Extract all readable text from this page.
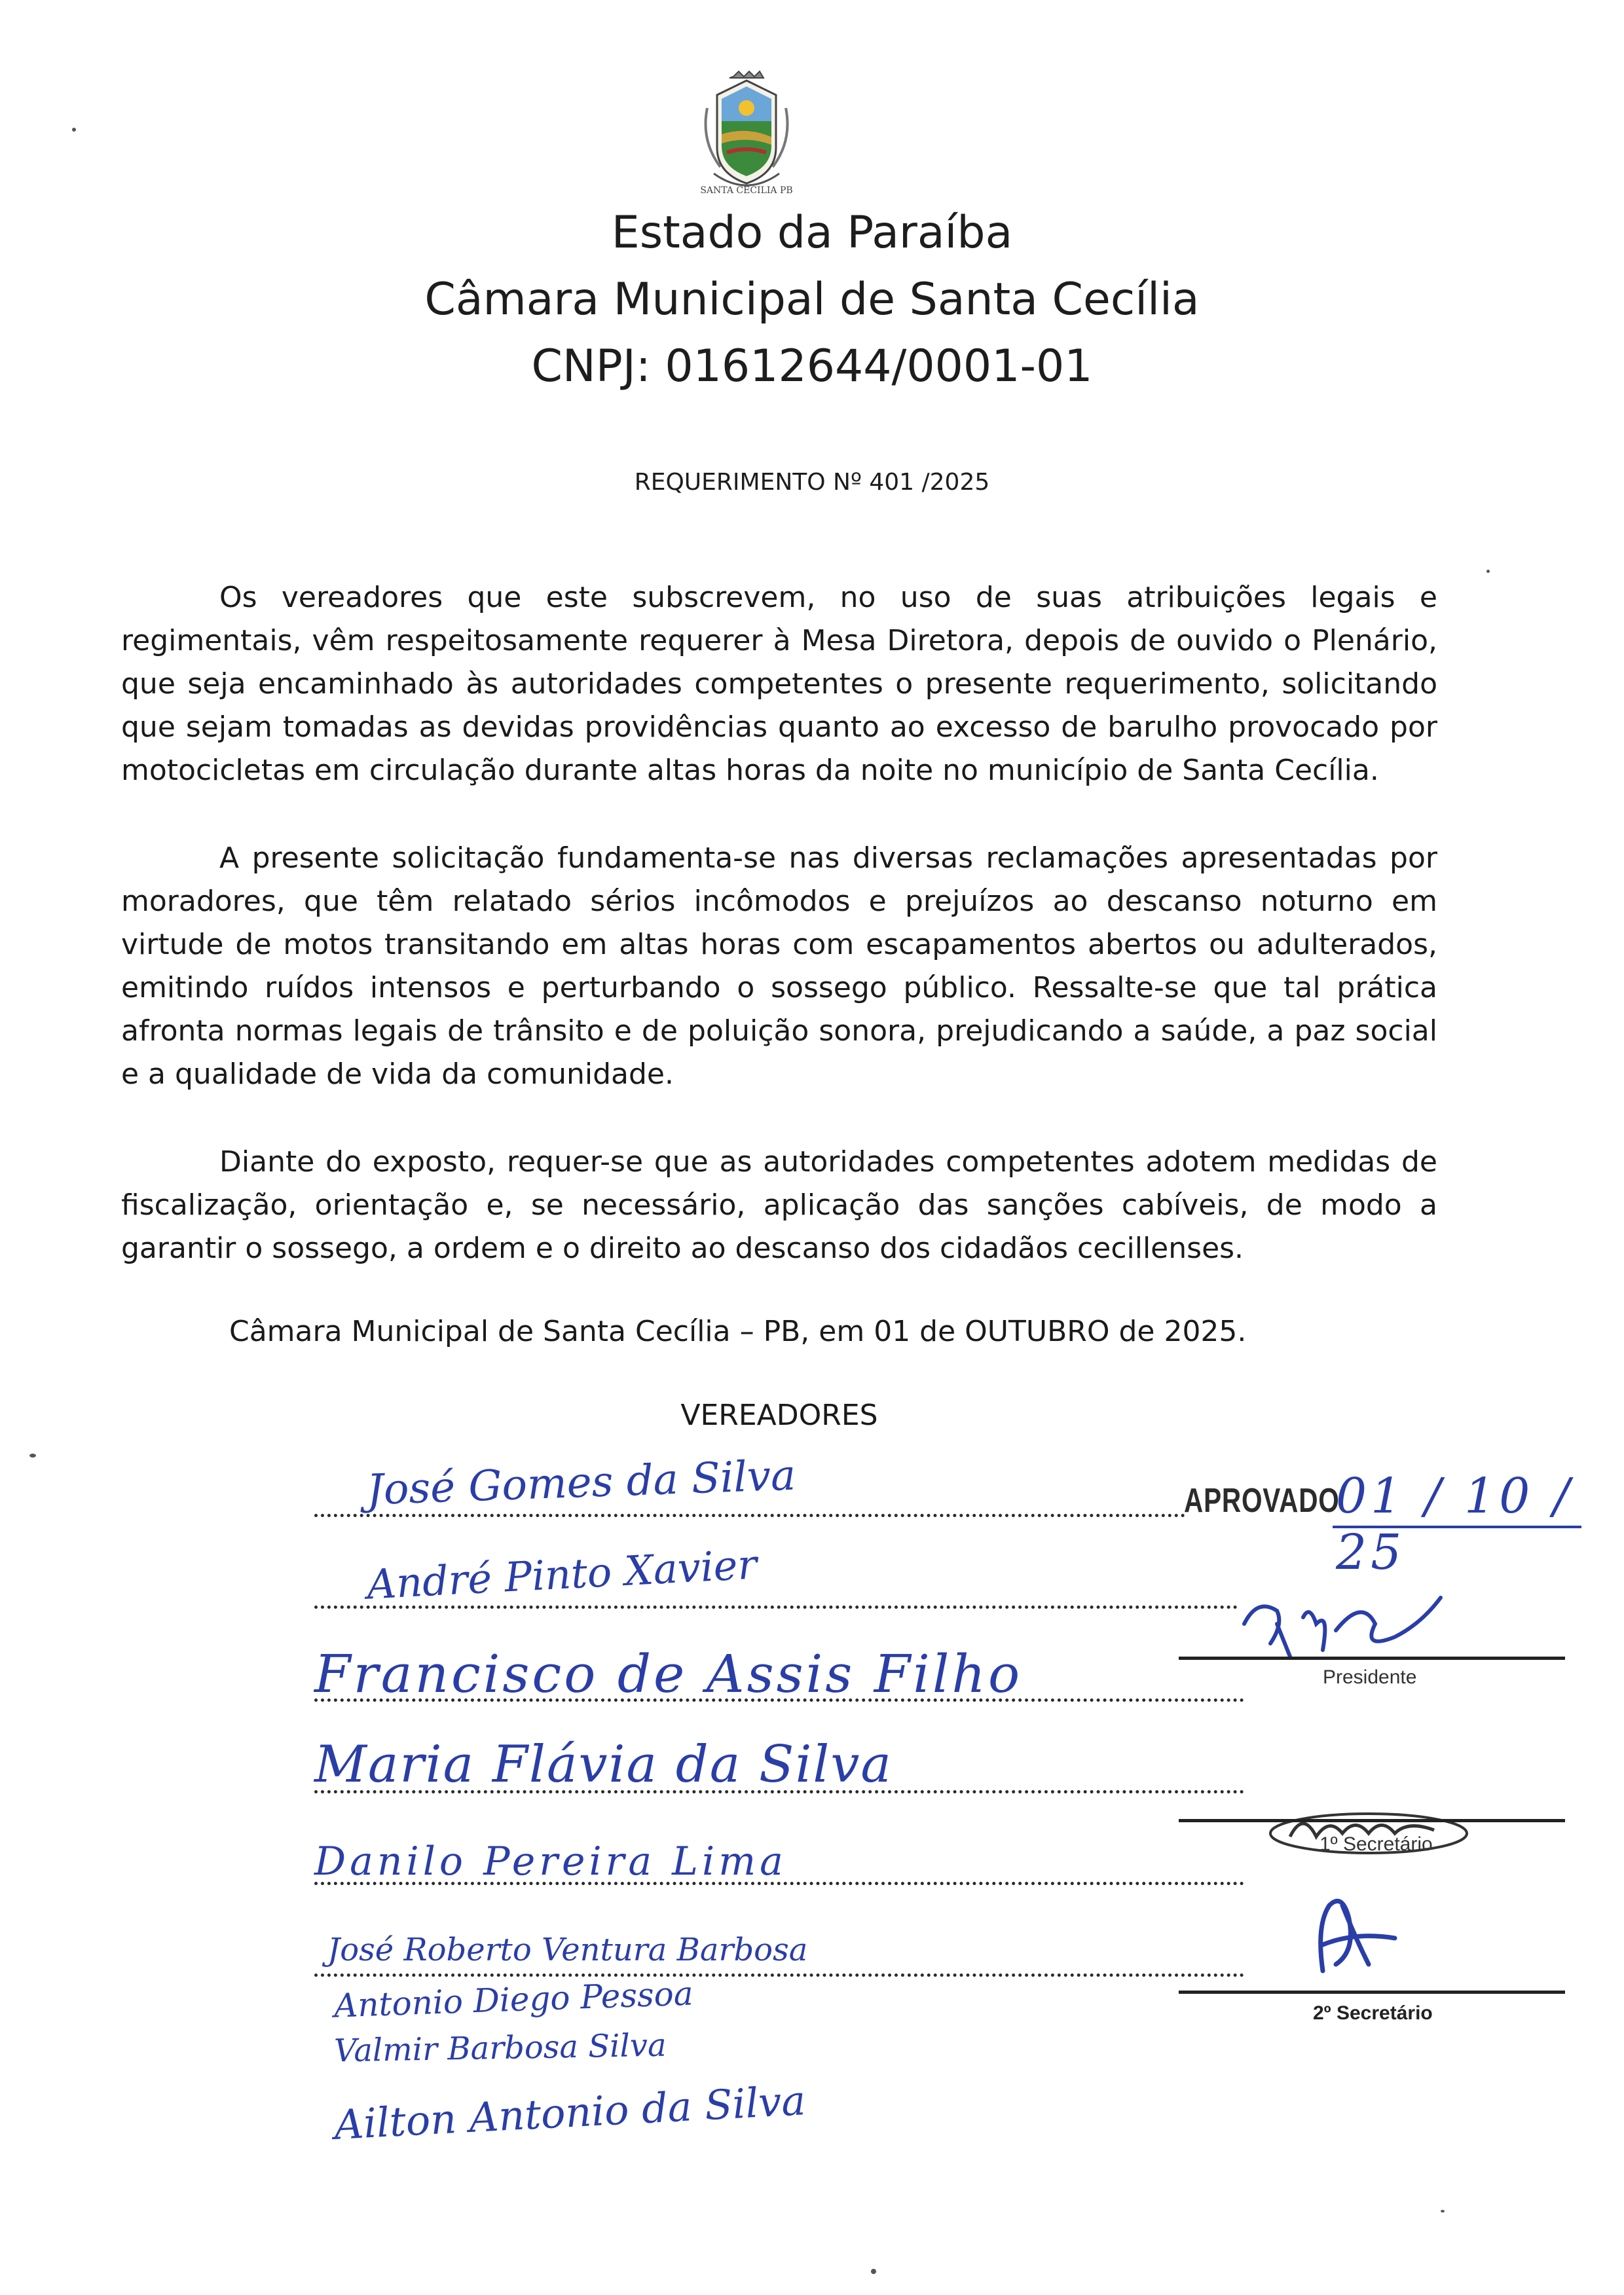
SANTA CECILIA PB
Estado da Paraíba
Câmara Municipal de Santa Cecília
CNPJ: 01612644/0001-01
REQUERIMENTO Nº 401 /2025

Os vereadores que este subscrevem, no uso de suas atribuições legais e regimentais, vêm respeitosamente requerer à Mesa Diretora, depois de ouvido o Plenário, que seja encaminhado às autoridades competentes o presente requerimento, solicitando que sejam tomadas as devidas providências quanto ao excesso de barulho provocado por motocicletas em circulação durante altas horas da noite no município de Santa Cecília.

A presente solicitação fundamenta-se nas diversas reclamações apresentadas por moradores, que têm relatado sérios incômodos e prejuízos ao descanso noturno em virtude de motos transitando em altas horas com escapamentos abertos ou adulterados, emitindo ruídos intensos e perturbando o sossego público. Ressalte-se que tal prática afronta normas legais de trânsito e de poluição sonora, prejudicando a saúde, a paz social e a qualidade de vida da comunidade.

Diante do exposto, requer-se que as autoridades competentes adotem medidas de fiscalização, orientação e, se necessário, aplicação das sanções cabíveis, de modo a garantir o sossego, a ordem e o direito ao descanso dos cidadãos cecillenses.

Câmara Municipal de Santa Cecília – PB, em 01 de OUTUBRO de 2025.
VEREADORES
José Gomes da Silva
André Pinto Xavier
Francisco de Assis Filho
Maria Flávia da Silva
Danilo Pereira Lima
José Roberto Ventura Barbosa
Antonio Diego Pessoa
Valmir Barbosa Silva
Ailton Antonio da Silva
APROVADO
01 / 10 / 25
Presidente
1º Secretário
2º Secretário
